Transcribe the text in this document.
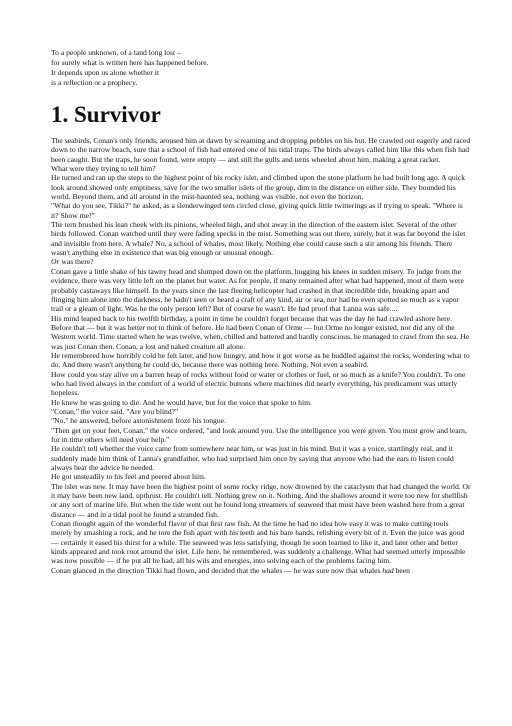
To a people unknown, of a land long lost –

for surely what is written here has happened before.

It depends upon us alone whether it

is a reflection or a prophecy.

1. Survivor

The seabirds, Conan's only friends, aroused him at dawn by screaming and dropping pebbles on his hut. He crawled out eagerly and raced down to the narrow beach, sure that a school of fish had entered one of his tidal traps. The birds always called him like this when fish had been caught. But the traps, he soon found, were empty — and still the gulls and terns wheeled about him, making a great racket.

What were they trying to tell him?

He turned and ran up the steps to the highest point of his rocky islet, and climbed upon the stone platform he had built long ago. A quick look around showed only emptiness, save for the two smaller islets of the group, dim in the distance on either side. They bounded his world. Beyond them, and all around in the mist-haunted sea, nothing was visible, not even the horizon.

"What do you see, Tikki?" he asked, as a slenderwinged tern circled close, giving quick little twitterings as if trying to speak. "Where is it? Show me!"

The tern brushed his lean cheek with its pinions, wheeled high, and shot away in the direction of the eastern islet. Several of the other birds followed. Conan watched until they were fading specks in the mist. Something was out there, surely, but it was far beyond the islet and invisible from here. A whale? No, a school of whales, most likely. Nothing else could cause such a stir among his friends. There wasn't anything else in existence that was big enough or unusual enough.

Or was there?

Conan gave a little shake of his tawny head and slumped down on the platform, hugging his knees in sudden misery. To judge from the evidence, there was very little left on the planet but water. As for people, if many remained after what had happened, most of them were probably castaways like himself. In the years since the last fleeing helicopter had crashed in that incredible tide, breaking apart and flinging him alone into the darkness, he hadn't seen or heard a craft of any kind, air or sea, nor had he even spotted so much as a vapor trail or a gleam of light. Was he the only person left? But of course he wasn't. He had proof that Lanna was safe....

His mind leaped back to his twelfth birthday, a point in time he couldn't forget because that was the day he had crawled ashore here. Before that — but it was better not to think of before. He had been Conan of Orme — but Orme no longer existed, nor did any of the Western world. Time started when he was twelve, when, chilled and battered and hardly conscious, he managed to crawl from the sea. He was just Conan then. Conan, a lost and naked creature all alone.

He remembered how horribly cold he felt later, and how hungry, and how it got worse as he huddled against the rocks, wondering what to do. And there wasn't anything he could do, because there was nothing here. Nothing. Not even a seabird.

How could you stay alive on a barren heap of rocks without food or water or clothes or fuel, or so much as a knife? You couldn't. To one who had lived always in the comfort of a world of electric buttons where machines did nearly everything, his predicament was utterly hopeless.

He knew he was going to die. And he would have, but for the voice that spoke to him.

"Conan," the voice said. "Are you blind?"

"No," he answered, before astonishment froze his tongue.

"Then get on your feet, Conan," the voice ordered, "and look around you. Use the intelligence you were given. You must grow and learn, for in time others will need your help."

He couldn't tell whether the voice came from somewhere near him, or was just in his mind. But it was a voice, startlingly real, and it suddenly made him think of Lanna's grandfather, who had surprised him once by saying that anyone who had the ears to listen could always hear the advice he needed.

He got unsteadily to his feet and peered about him.

The islet was new. It may have been the highest point of some rocky ridge, now drowned by the cataclysm that had changed the world. Or it may have been new land, upthrust. He couldn't tell. Nothing grew on it. Nothing. And the shallows around it were too new for shellfish or any sort of marine life. But when the tide went out he found long streamers of seaweed that must have been washed here from a great distance — and in a tidal pool he found a stranded fish.

Conan thought again of the wonderful flavor of that first raw fish. At the time he had no idea how easy it was to make cutting tools merely by smashing a rock, and he tore the fish apart with his teeth and his bare hands, relishing every bit of it. Even the juice was good — certainly it eased his thirst for a while. The seaweed was less satisfying, though he soon learned to like it, and later other and better kinds appeared and took root around the islet. Life here, he remembered, was suddenly a challenge. What had seemed utterly impossible was now possible — if he put all he had, all his wits and energies, into solving each of the problems facing him.

Conan glanced in the direction Tikki had flown, and decided that the whales — he was sure now that whales had been
